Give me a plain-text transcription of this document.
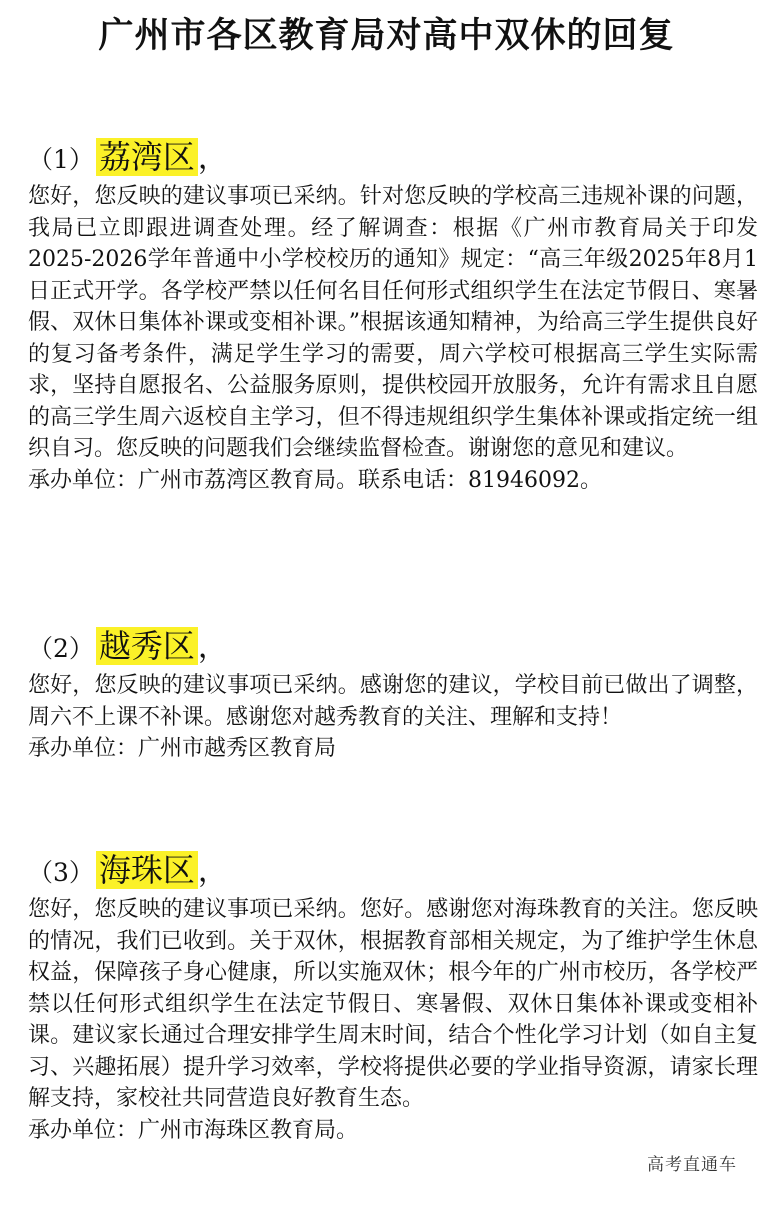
广州市各区教育局对高中双休的回复
（1） 荔湾区 ，

您好，您反映的建议事项已采纳。针对您反映的学校高三违规补课的问题，我局已立即跟进调查处理。经了解调查：根据《广州市教育局关于印发2025-2026学年普通中小学校校历的通知》规定：“高三年级2025年8月1日正式开学。各学校严禁以任何名目任何形式组织学生在法定节假日、寒暑假、双休日集体补课或变相补课。”根据该通知精神，为给高三学生提供良好的复习备考条件，满足学生学习的需要，周六学校可根据高三学生实际需求，坚持自愿报名、公益服务原则，提供校园开放服务，允许有需求且自愿的高三学生周六返校自主学习，但不得违规组织学生集体补课或指定统一组织自习。您反映的问题我们会继续监督检查。谢谢您的意见和建议。

承办单位：广州市荔湾区教育局。联系电话：81946092。

（2） 越秀区 ，

您好，您反映的建议事项已采纳。感谢您的建议，学校目前已做出了调整，周六不上课不补课。感谢您对越秀教育的关注、理解和支持！

承办单位：广州市越秀区教育局

（3） 海珠区 ，

您好，您反映的建议事项已采纳。您好。感谢您对海珠教育的关注。您反映的情况，我们已收到。关于双休，根据教育部相关规定，为了维护学生休息权益，保障孩子身心健康，所以实施双休；根今年的广州市校历，各学校严禁以任何形式组织学生在法定节假日、寒暑假、双休日集体补课或变相补课。建议家长通过合理安排学生周末时间，结合个性化学习计划（如自主复习、兴趣拓展）提升学习效率，学校将提供必要的学业指导资源，请家长理解支持，家校社共同营造良好教育生态。

承办单位：广州市海珠区教育局。

高考直通车
